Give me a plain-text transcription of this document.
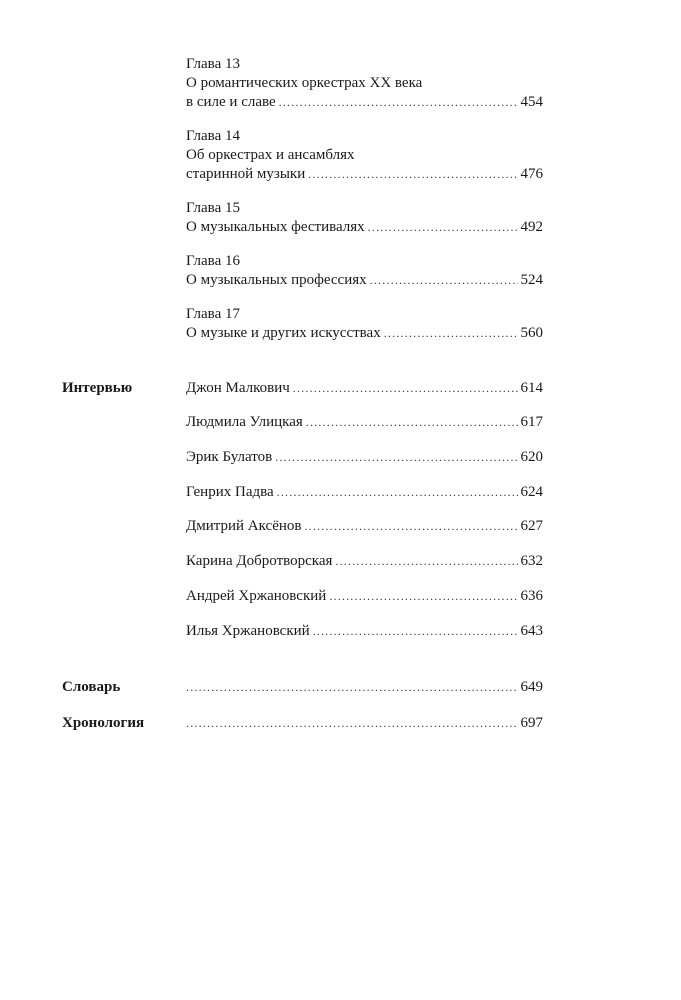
Глава 13
О романтических оркестрах XX века
в силе и славе .....	454
Глава 14
Об оркестрах и ансамблях
старинной музыки .....	476
Глава 15
О музыкальных фестивалях .....	492
Глава 16
О музыкальных профессиях .....	524
Глава 17
О музыке и других искусствах .....	560
Интервью	Джон Малкович .....	614
Людмила Улицкая .....	617
Эрик Булатов .....	620
Генрих Падва .....	624
Дмитрий Аксёнов .....	627
Карина Добротворская .....	632
Андрей Хржановский .....	636
Илья Хржановский .....	643
Словарь .....	649
Хронология .....	697
